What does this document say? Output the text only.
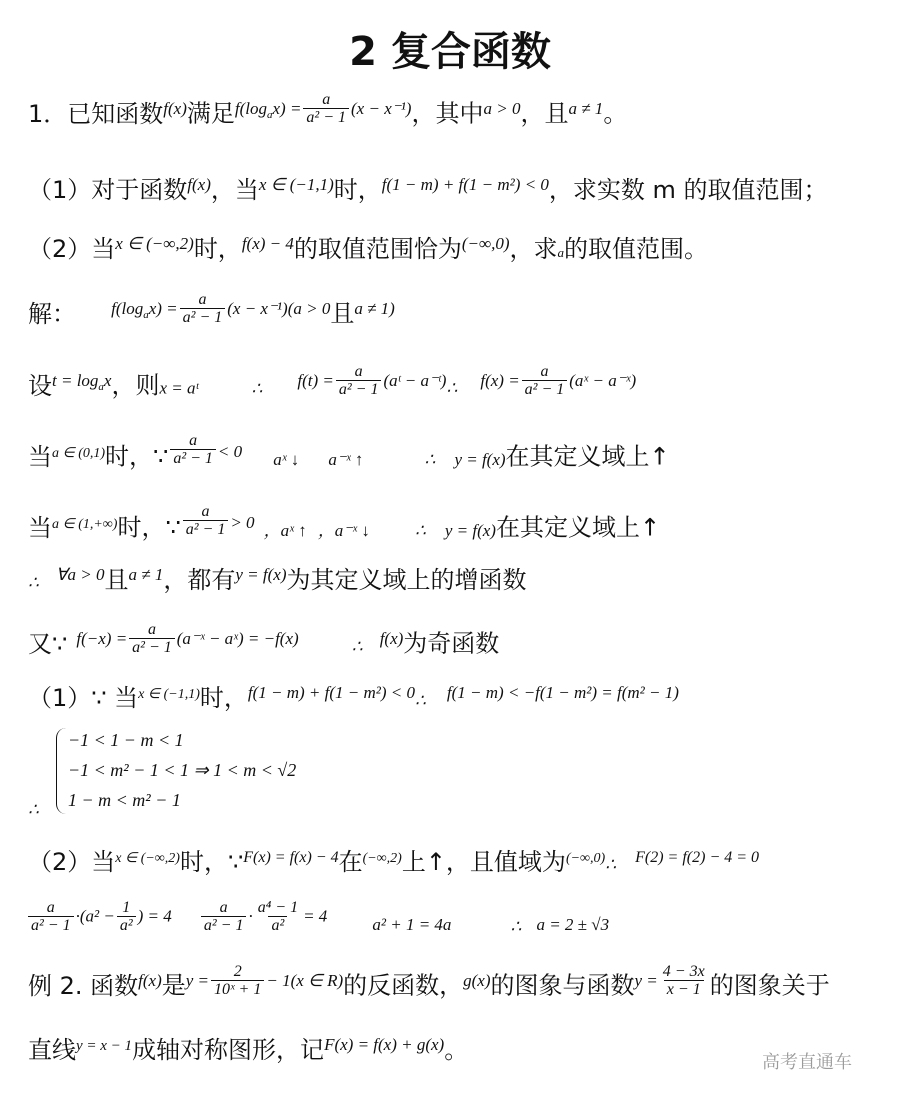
2 复合函数
1．已知函数f(x)满足$f(\log^ax) = \frac{a}{\text{a² − 1}} (x - x^{-1})$，其中a > 0，且a ≠ 1。
（1）对于函数f(x)，当x ∈ (−1,1)时，f(1 − m) + f(1 − m²) < 0，求实数 m 的取值范围；
（2）当x ∈ (−∞,2)时，f(x) − 4的取值范围恰为(−∞,0)，求a的取值范围。
解： $f(\log^ax) = \frac{a}{\text{a² − 1}} (x - x^{-1})(a > 0$且a ≠ 1)
设$t = \log^ax$，则x = aᵗ	∴ $f(t) = \frac{a}{\text{a² − 1}}$ (aᵗ − a⁻ᵗ)∴ $f(x) = \frac{a}{\text{a² − 1}}$ (aˣ − a⁻ˣ)
当a ∈ (0,1)时，∵ $\frac{a}{\text{a² − 1}} < 0$ aˣ ↓ a⁻ˣ ↑	∴ y = f(x)在其定义域上↑
当a ∈ (1,+∞)时，∵ $\frac{a}{\text{a² − 1}} > 0$ ，aˣ ↑ ，a⁻ˣ ↓	∴ y = f(x)在其定义域上↑
∴ ∀a > 0且a ≠ 1，都有y = f(x)为其定义域上的增函数
又∵ $f(-x) = \frac{a}{\text{a² − 1}}$ (a⁻ˣ − aˣ) = −f(x)	∴ f(x)为奇函数
（1）∵ 当x ∈ (−1,1)时，f(1 − m) + f(1 − m²) < 0∴ f(1 − m) < −f(1 − m²) = f(m² − 1)
−1 < 1 − m < 1
−1 < m² − 1 < 1 ⇒ 1 < m < √2
1 − m < m² − 1
∴
（2）当x ∈ (−∞,2)时，∵F(x) = f(x) − 4在(−∞,2)上↑，且值域为(−∞,0)∴ F(2) = f(2) − 4 = 0
$\frac{a}{\text{a² − 1}} \cdot(a^2 - \frac{1}{\text{a²}}$ ) = $4 \frac{a}{\text{a² − 1}} \cdot \frac{\text{a⁴ − 1}}{\text{a²}} = 4$	a² + 1 = 4a	∴ a = 2 ± √3
例 2. 函数f(x)是$y = \frac{2}{\text{10ˣ + 1}} - 1(x$ ∈ R)的反函数，g(x)的图象与函数$y = \frac{4 - 3x}{x - 1}$ 的图象关于
直线y = x − 1成轴对称图形，记F(x) = f(x) + g(x)。	高考直通车
